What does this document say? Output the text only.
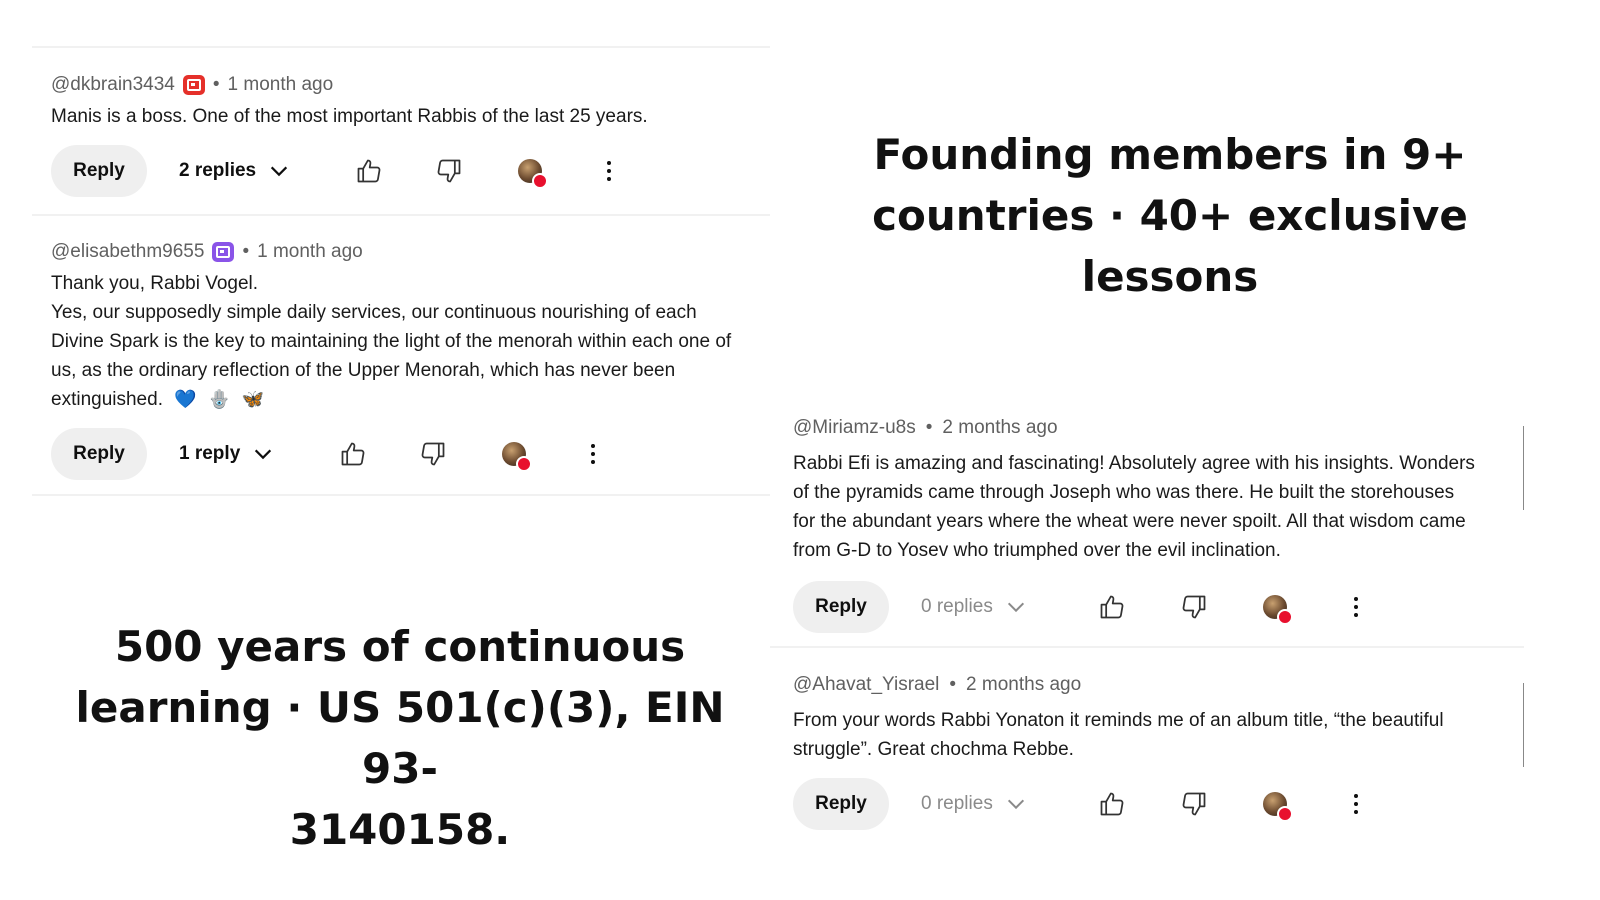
@dkbrain3434 • 1 month ago

Manis is a boss. One of the most important Rabbis of the last 25 years.

Reply	2 replies
@elisabethm9655 • 1 month ago

Thank you, Rabbi Vogel.

Yes, our supposedly simple daily services, our continuous nourishing of each

Divine Spark is the key to maintaining the light of the menorah within each one of

us, as the ordinary reflection of the Upper Menorah, which has never been

extinguished. 💙 🪬 🦋

Reply	1 reply
500 years of continuous
learning · US 501(c)(3), EIN 93-
3140158.
Founding members in 9+
countries · 40+ exclusive lessons
@Miriamz-u8s • 2 months ago

Rabbi Efi is amazing and fascinating! Absolutely agree with his insights. Wonders

of the pyramids came through Joseph who was there. He built the storehouses

for the abundant years where the wheat were never spoilt. All that wisdom came

from G-D to Yosev who triumphed over the evil inclination.

Reply	0 replies
@Ahavat_Yisrael • 2 months ago

From your words Rabbi Yonaton it reminds me of an album title, “the beautiful

struggle”. Great chochma Rebbe.

Reply	0 replies
